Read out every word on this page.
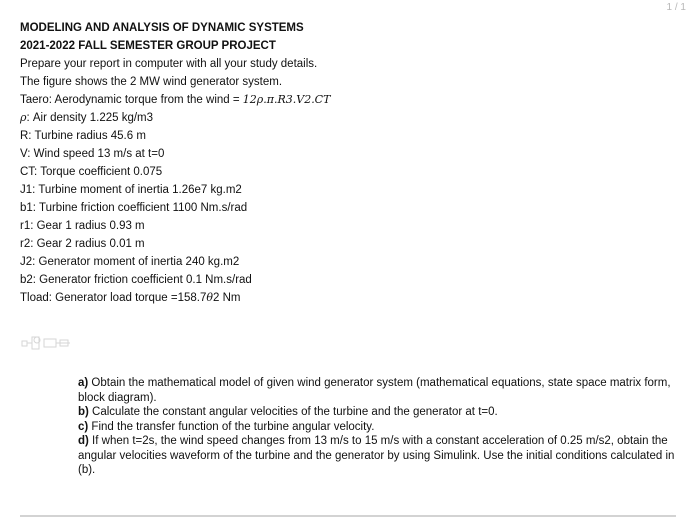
1 / 1
MODELING AND ANALYSIS OF DYNAMIC SYSTEMS
2021-2022 FALL SEMESTER GROUP PROJECT
Prepare your report in computer with all your study details.
The figure shows the 2 MW wind generator system.
Taero: Aerodynamic torque from the wind = 12ρ.π.R3.V2.CT
ρ: Air density 1.225 kg/m3
R: Turbine radius 45.6 m
V: Wind speed 13 m/s at t=0
CT: Torque coefficient 0.075
J1: Turbine moment of inertia 1.26e7 kg.m2
b1: Turbine friction coefficient 1100 Nm.s/rad
r1: Gear 1 radius 0.93 m
r2: Gear 2 radius 0.01 m
J2: Generator moment of inertia 240 kg.m2
b2: Generator friction coefficient 0.1 Nm.s/rad
Tload: Generator load torque =158.7θ2 Nm

a) Obtain the mathematical model of given wind generator system (mathematical equations, state space matrix form, block diagram).

b) Calculate the constant angular velocities of the turbine and the generator at t=0.

c) Find the transfer function of the turbine angular velocity.

d) If when t=2s, the wind speed changes from 13 m/s to 15 m/s with a constant acceleration of 0.25 m/s2, obtain the angular velocities waveform of the turbine and the generator by using Simulink. Use the initial conditions calculated in (b).
